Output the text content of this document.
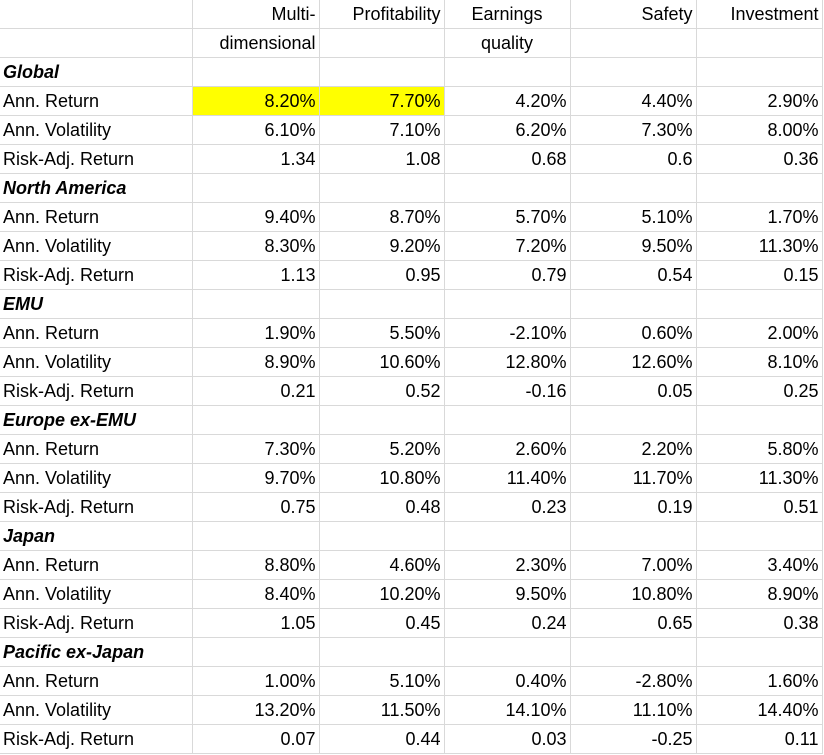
	Multi-	Profitability	Earnings	Safety	Investment
	dimensional		quality		
Global					
Ann. Return	8.20%	7.70%	4.20%	4.40%	2.90%
Ann. Volatility	6.10%	7.10%	6.20%	7.30%	8.00%
Risk-Adj. Return	1.34	1.08	0.68	0.6	0.36
North America					
Ann. Return	9.40%	8.70%	5.70%	5.10%	1.70%
Ann. Volatility	8.30%	9.20%	7.20%	9.50%	11.30%
Risk-Adj. Return	1.13	0.95	0.79	0.54	0.15
EMU					
Ann. Return	1.90%	5.50%	-2.10%	0.60%	2.00%
Ann. Volatility	8.90%	10.60%	12.80%	12.60%	8.10%
Risk-Adj. Return	0.21	0.52	-0.16	0.05	0.25
Europe ex-EMU					
Ann. Return	7.30%	5.20%	2.60%	2.20%	5.80%
Ann. Volatility	9.70%	10.80%	11.40%	11.70%	11.30%
Risk-Adj. Return	0.75	0.48	0.23	0.19	0.51
Japan					
Ann. Return	8.80%	4.60%	2.30%	7.00%	3.40%
Ann. Volatility	8.40%	10.20%	9.50%	10.80%	8.90%
Risk-Adj. Return	1.05	0.45	0.24	0.65	0.38
Pacific ex-Japan					
Ann. Return	1.00%	5.10%	0.40%	-2.80%	1.60%
Ann. Volatility	13.20%	11.50%	14.10%	11.10%	14.40%
Risk-Adj. Return	0.07	0.44	0.03	-0.25	0.11
